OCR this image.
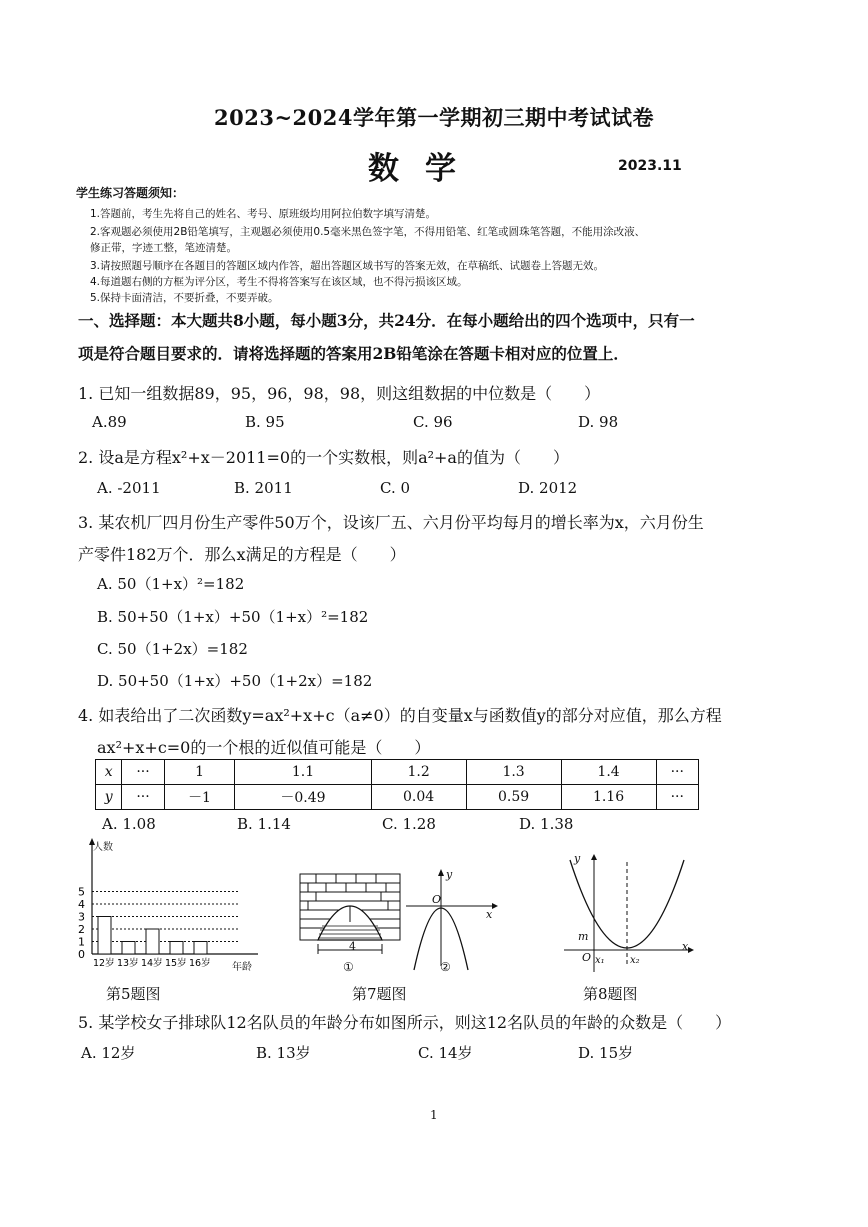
2023~2024学年第一学期初三期中考试试卷
数学	2023.11
学生练习答题须知：
1.答题前，考生先将自己的姓名、考号、原班级均用阿拉伯数字填写清楚。
2.客观题必须使用2B铅笔填写，主观题必须使用0.5毫米黑色签字笔，不得用铅笔、红笔或圆珠笔答题，不能用涂改液、
修正带，字迹工整，笔迹清楚。
3.请按照题号顺序在各题目的答题区域内作答，超出答题区域书写的答案无效，在草稿纸、试题卷上答题无效。
4.每道题右侧的方框为评分区，考生不得将答案写在该区域，也不得污损该区域。
5.保持卡面清洁，不要折叠，不要弄破。
一、选择题：本大题共8小题，每小题3分，共24分．在每小题给出的四个选项中，只有一
项是符合题目要求的．请将选择题的答案用2B铅笔涂在答题卡相对应的位置上．
1. 已知一组数据89，95，96，98，98，则这组数据的中位数是（　　）
A.89	B. 95	C. 96	D. 98
2. 设a是方程x²+x－2011=0的一个实数根，则a²+a的值为（　　）
A. -2011	B. 2011	C. 0	D. 2012
3. 某农机厂四月份生产零件50万个，设该厂五、六月份平均每月的增长率为x，六月份生
产零件182万个．那么x满足的方程是（　　）
A. 50（1+x）²=182
B. 50+50（1+x）+50（1+x）²=182
C. 50（1+2x）=182
D. 50+50（1+x）+50（1+2x）=182
4. 如表给出了二次函数y=ax²+x+c（a≠0）的自变量x与函数值y的部分对应值，那么方程
ax²+x+c=0的一个根的近似值可能是（　　）
x	···	1	1.1	1.2	1.3	1.4	···
y	···	－1	－0.49	0.04	0.59	1.16	···
A. 1.08	B. 1.14	C. 1.28	D. 1.38
0
1
2
3
4
5
12岁 13岁 14岁 15岁 16岁
人数
年龄
第5题图
4
①	②
y
x
O
第7题图
y
x
O
m
x₁	x₂
第8题图
5. 某学校女子排球队12名队员的年龄分布如图所示，则这12名队员的年龄的众数是（　　）
A. 12岁	B. 13岁	C. 14岁	D. 15岁
1
